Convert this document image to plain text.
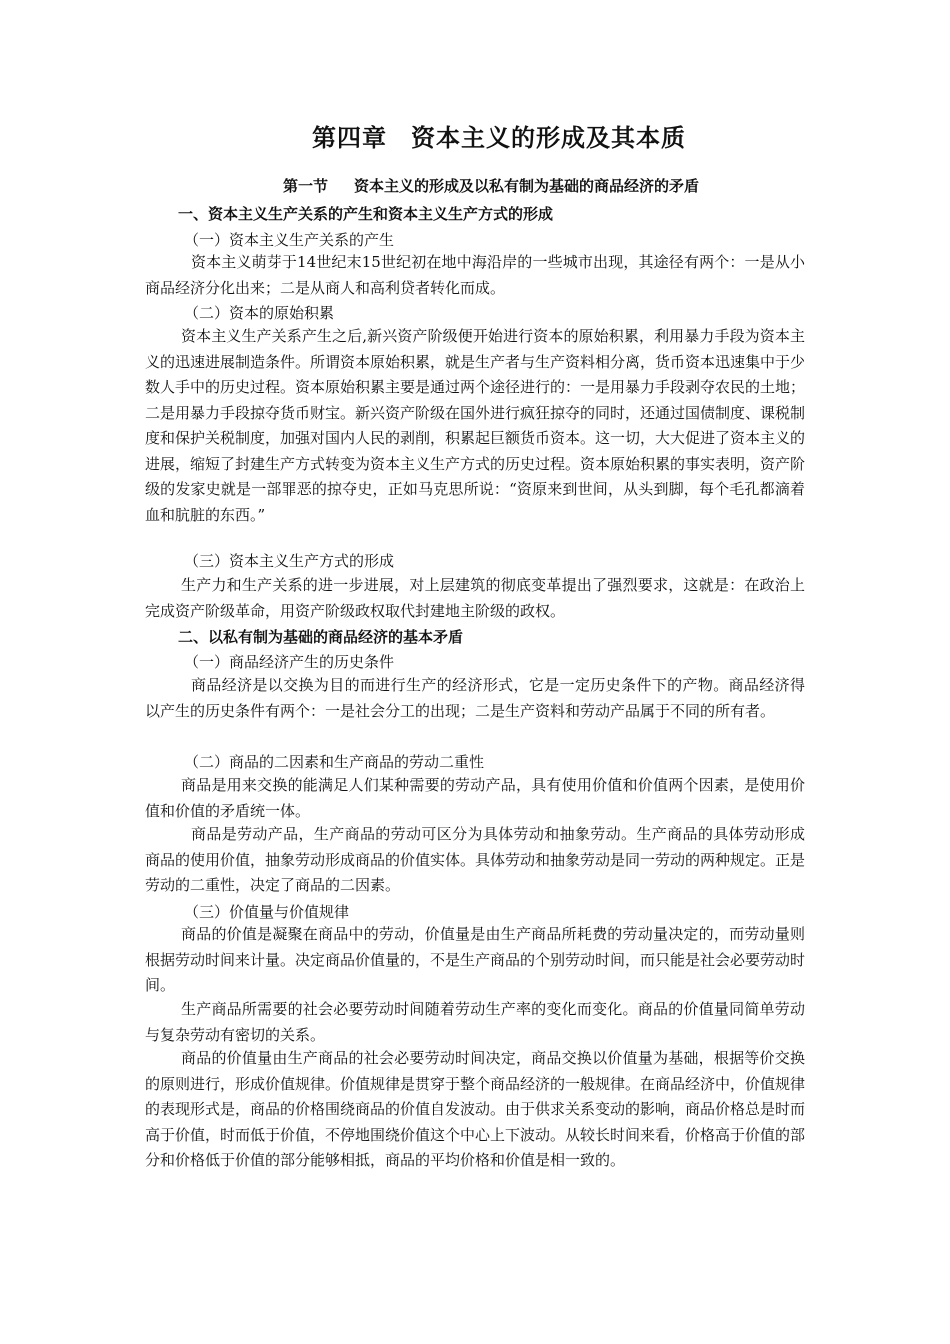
第四章 资本主义的形成及其本质
第一节 资本主义的形成及以私有制为基础的商品经济的矛盾
一、资本主义生产关系的产生和资本主义生产方式的形成
（一）资本主义生产关系的产生
资本主义萌芽于14世纪末15世纪初在地中海沿岸的一些城市出现，其途径有两个：一是从小商品经济分化出来；二是从商人和高利贷者转化而成。
（二）资本的原始积累
资本主义生产关系产生之后,新兴资产阶级便开始进行资本的原始积累，利用暴力手段为资本主义的迅速进展制造条件。所谓资本原始积累，就是生产者与生产资料相分离，货币资本迅速集中于少数人手中的历史过程。资本原始积累主要是通过两个途径进行的：一是用暴力手段剥夺农民的土地；二是用暴力手段掠夺货币财宝。新兴资产阶级在国外进行疯狂掠夺的同时，还通过国债制度、课税制度和保护关税制度，加强对国内人民的剥削，积累起巨额货币资本。这一切，大大促进了资本主义的进展，缩短了封建生产方式转变为资本主义生产方式的历史过程。资本原始积累的事实表明，资产阶级的发家史就是一部罪恶的掠夺史，正如马克思所说：“资原来到世间，从头到脚，每个毛孔都滴着血和肮脏的东西。”
（三）资本主义生产方式的形成
生产力和生产关系的进一步进展，对上层建筑的彻底变革提出了强烈要求，这就是：在政治上完成资产阶级革命，用资产阶级政权取代封建地主阶级的政权。
二、以私有制为基础的商品经济的基本矛盾
（一）商品经济产生的历史条件
商品经济是以交换为目的而进行生产的经济形式，它是一定历史条件下的产物。商品经济得以产生的历史条件有两个：一是社会分工的出现；二是生产资料和劳动产品属于不同的所有者。
（二）商品的二因素和生产商品的劳动二重性
商品是用来交换的能满足人们某种需要的劳动产品，具有使用价值和价值两个因素，是使用价值和价值的矛盾统一体。
商品是劳动产品，生产商品的劳动可区分为具体劳动和抽象劳动。生产商品的具体劳动形成商品的使用价值，抽象劳动形成商品的价值实体。具体劳动和抽象劳动是同一劳动的两种规定。正是劳动的二重性，决定了商品的二因素。
（三）价值量与价值规律
商品的价值是凝聚在商品中的劳动，价值量是由生产商品所耗费的劳动量决定的，而劳动量则根据劳动时间来计量。决定商品价值量的，不是生产商品的个别劳动时间，而只能是社会必要劳动时间。
生产商品所需要的社会必要劳动时间随着劳动生产率的变化而变化。商品的价值量同简单劳动与复杂劳动有密切的关系。
商品的价值量由生产商品的社会必要劳动时间决定，商品交换以价值量为基础，根据等价交换的原则进行，形成价值规律。价值规律是贯穿于整个商品经济的一般规律。在商品经济中，价值规律的表现形式是，商品的价格围绕商品的价值自发波动。由于供求关系变动的影响，商品价格总是时而高于价值，时而低于价值，不停地围绕价值这个中心上下波动。从较长时间来看，价格高于价值的部分和价格低于价值的部分能够相抵，商品的平均价格和价值是相一致的。
